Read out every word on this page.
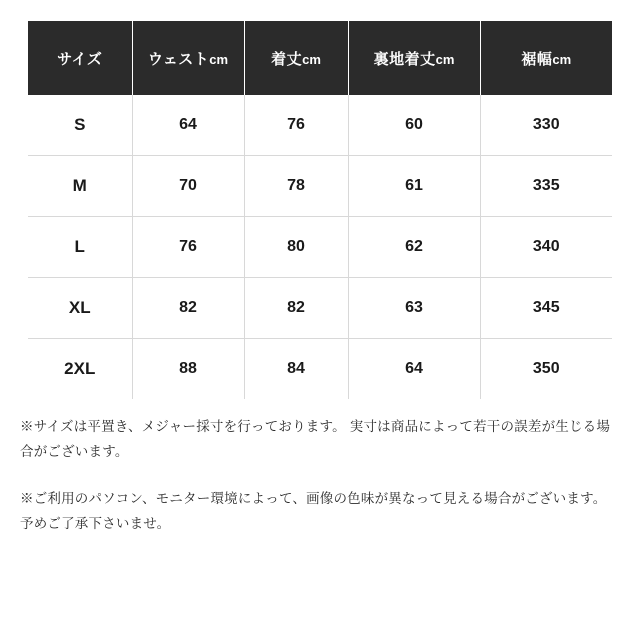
サイズ	ウェストcm	着丈cm	裏地着丈cm	裾幅cm
S	64	76	60	330
M	70	78	61	335
L	76	80	62	340
XL	82	82	63	345
2XL	88	84	64	350

※サイズは平置き、メジャー採寸を行っております。 実寸は商品によって若干の誤差が生じる場合がございます。

※ご利用のパソコン、モニター環境によって、画像の色味が異なって見える場合がございます。予めご了承下さいませ。
